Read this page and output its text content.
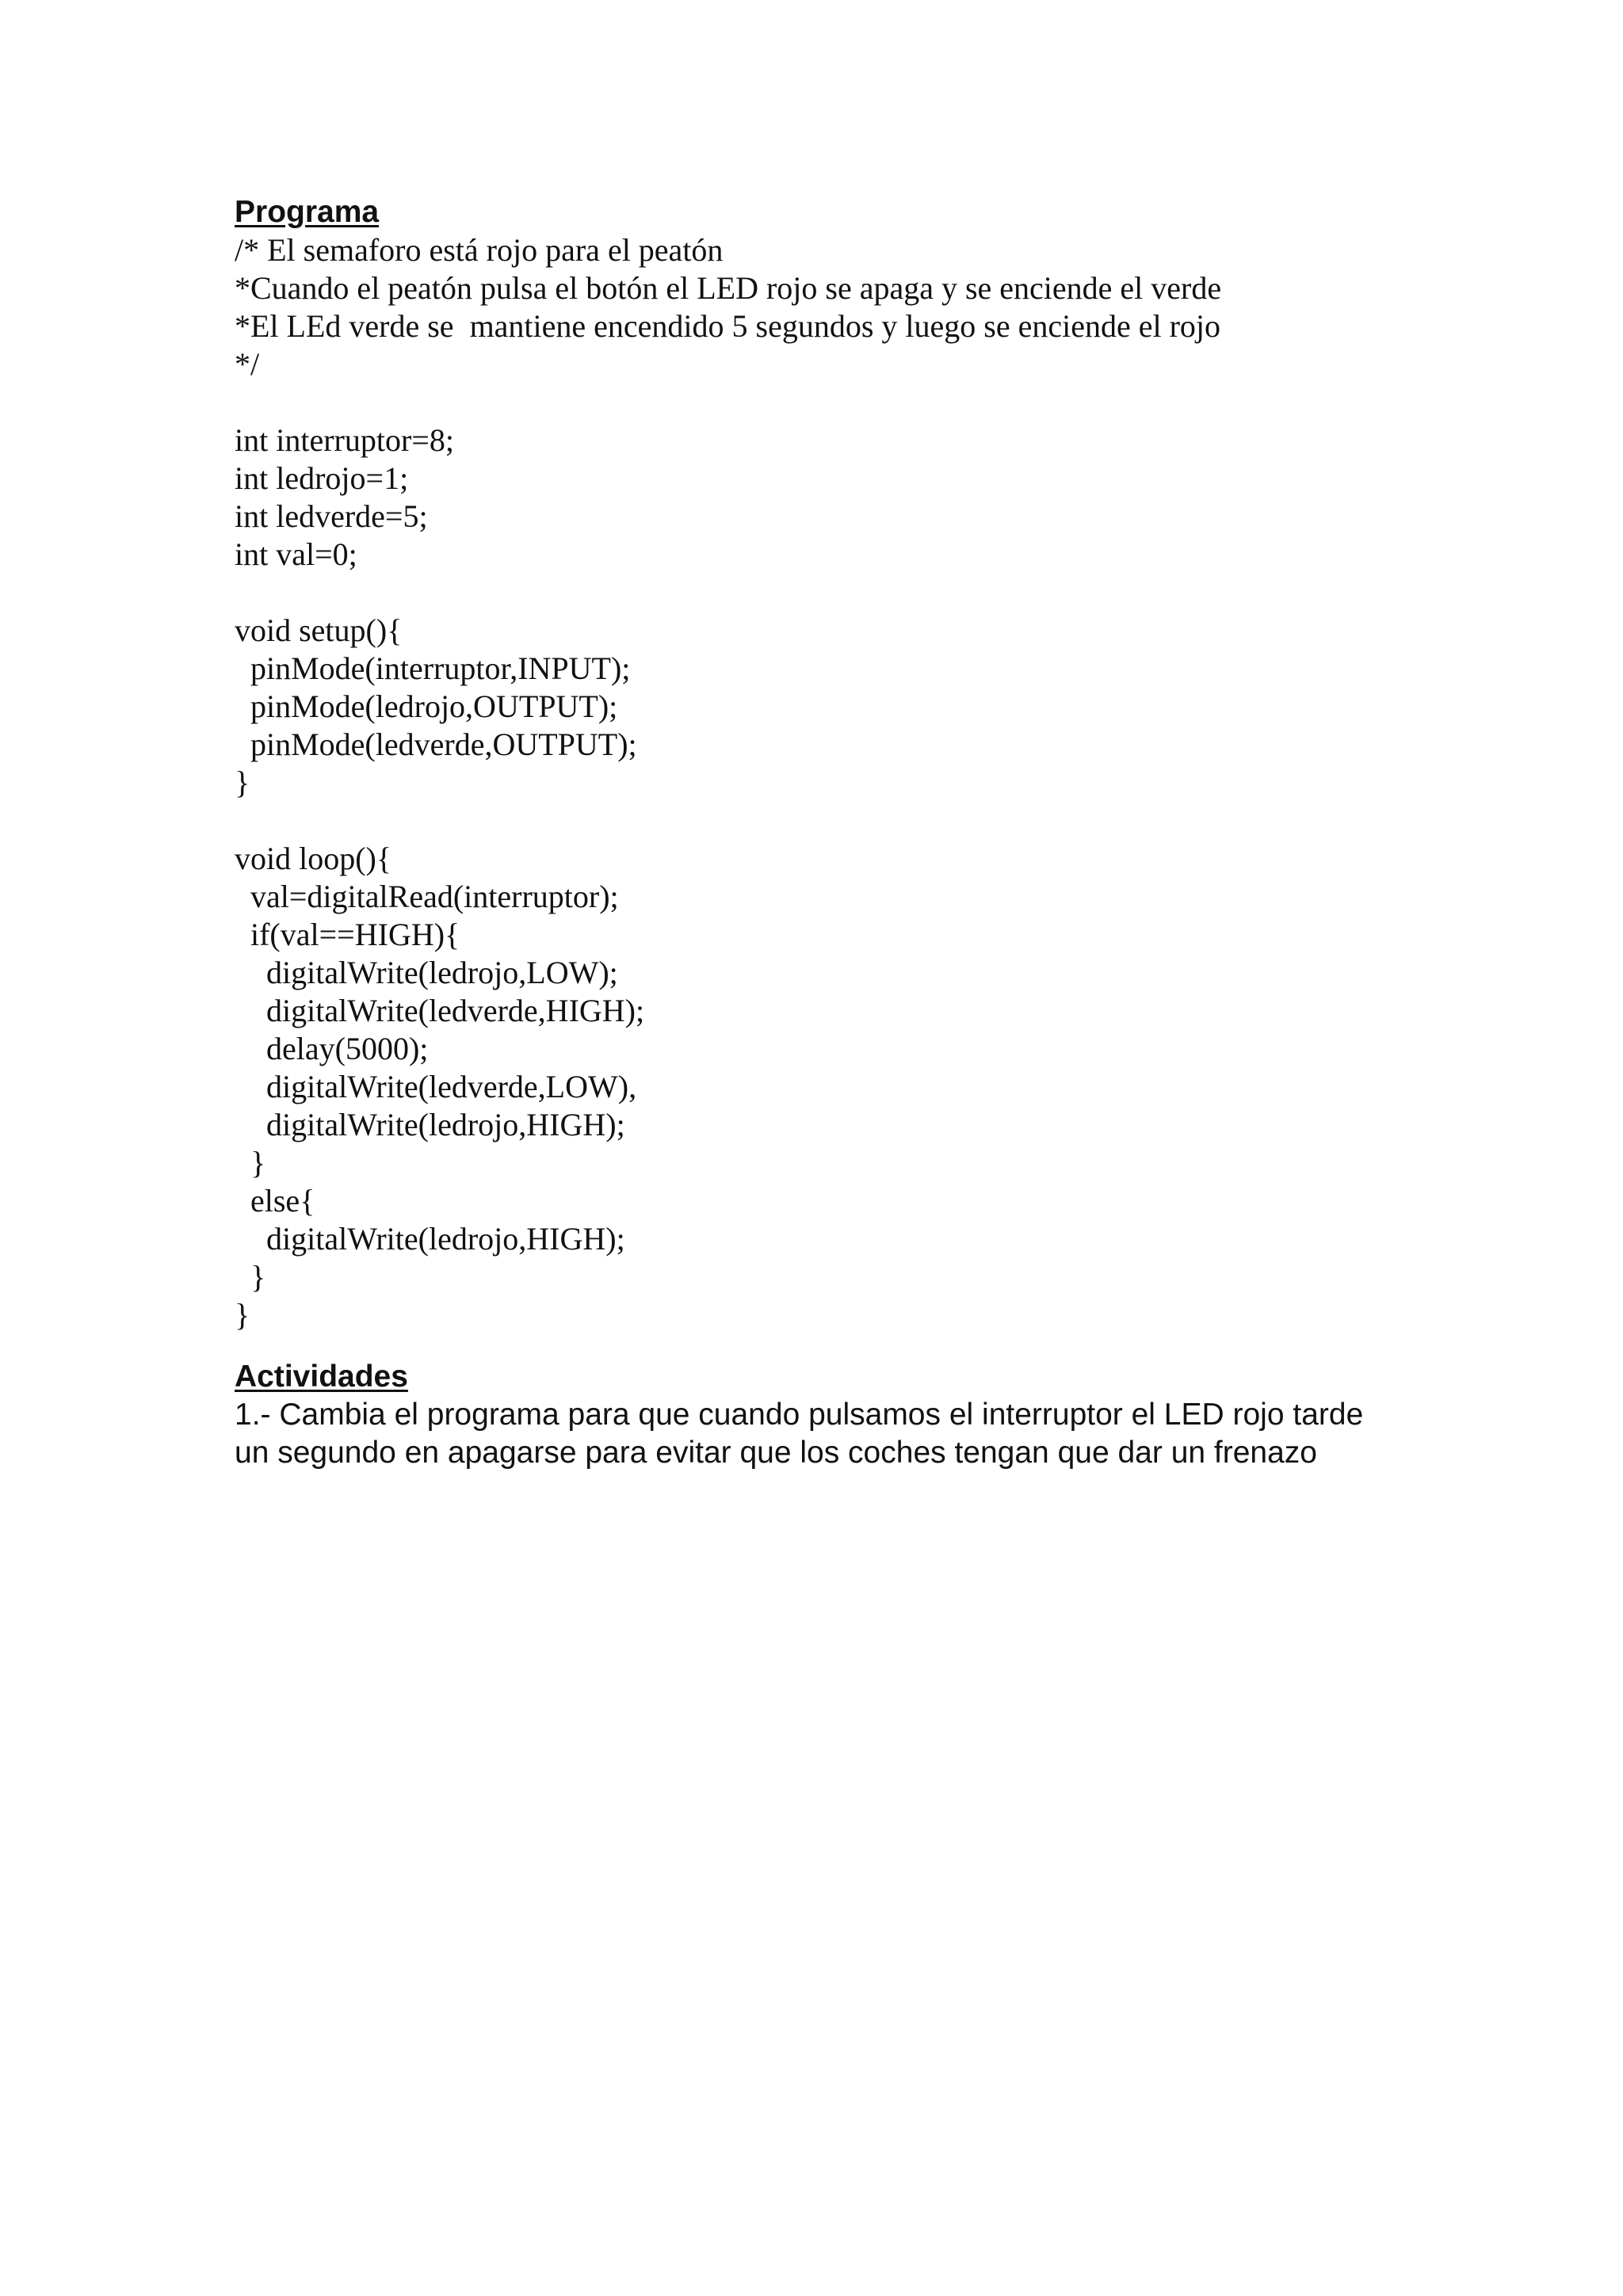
Programa
/* El semaforo está rojo para el peatón
*Cuando el peatón pulsa el botón el LED rojo se apaga y se enciende el verde
*El LEd verde se  mantiene encendido 5 segundos y luego se enciende el rojo
*/
int interruptor=8;
int ledrojo=1;
int ledverde=5;
int val=0;
void setup(){
pinMode(interruptor,INPUT);
pinMode(ledrojo,OUTPUT);
pinMode(ledverde,OUTPUT);
}
void loop(){
val=digitalRead(interruptor);
if(val==HIGH){
digitalWrite(ledrojo,LOW);
digitalWrite(ledverde,HIGH);
delay(5000);
digitalWrite(ledverde,LOW),
digitalWrite(ledrojo,HIGH);
}
else{
digitalWrite(ledrojo,HIGH);
}
}
Actividades

1.- Cambia el programa para que cuando pulsamos el interruptor el LED rojo tarde un segundo en apagarse para evitar que los coches tengan que dar un frenazo
